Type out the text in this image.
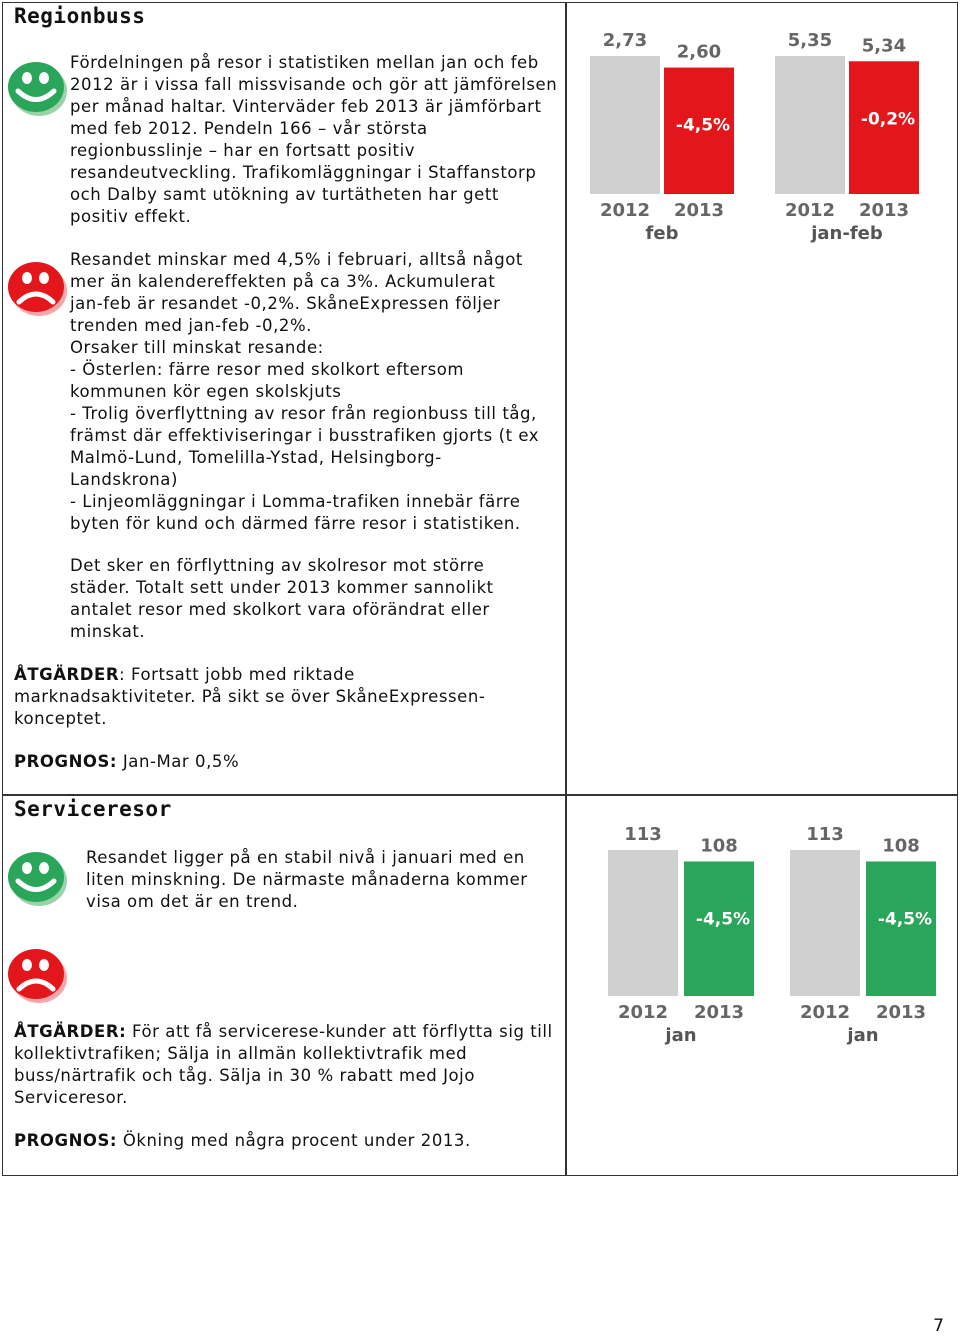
Regionbuss
Fördelningen på resor i statistiken mellan jan och feb 2012 är i vissa fall missvisande och gör att jämförelsen per månad haltar. Vinterväder feb 2013 är jämförbart med feb 2012. Pendeln 166 – vår största regionbusslinje – har en fortsatt positiv resandeutveckling. Trafikomläggningar i Staffanstorp och Dalby samt utökning av turtätheten har gett positiv effekt.
Resandet minskar med 4,5% i februari, alltså något
mer än kalendereffekten på ca 3%. Ackumulerat
jan-feb är resandet -0,2%. SkåneExpressen följer
trenden med jan-feb -0,2%.
Orsaker till minskat resande:
- Österlen: färre resor med skolkort eftersom
kommunen kör egen skolskjuts
- Trolig överflyttning av resor från regionbuss till tåg,
främst där effektiviseringar i busstrafiken gjorts (t ex
Malmö-Lund, Tomelilla-Ystad, Helsingborg-
Landskrona)
- Linjeomläggningar i Lomma-trafiken innebär färre
byten för kund och därmed färre resor i statistiken.
Det sker en förflyttning av skolresor mot större städer. Totalt sett under 2013 kommer sannolikt antalet resor med skolkort vara oförändrat eller minskat.
ÅTGÄRDER: Fortsatt jobb med riktade marknadsaktiviteter. På sikt se över SkåneExpressen-konceptet.
PROGNOS: Jan-Mar 0,5%
2,73
2012
2,60
2013
-4,5%
feb
5,35
2012
5,34
2013
-0,2%
jan-feb
Serviceresor
Resandet ligger på en stabil nivå i januari med en liten minskning. De närmaste månaderna kommer visa om det är en trend.
ÅTGÄRDER: För att få servicerese-kunder att förflytta sig till kollektivtrafiken; Sälja in allmän kollektivtrafik med buss/närtrafik och tåg. Sälja in 30 % rabatt med Jojo Serviceresor.
PROGNOS: Ökning med några procent under 2013.
113
2012
108
2013
-4,5%
jan
113
2012
108
2013
-4,5%
jan
7
